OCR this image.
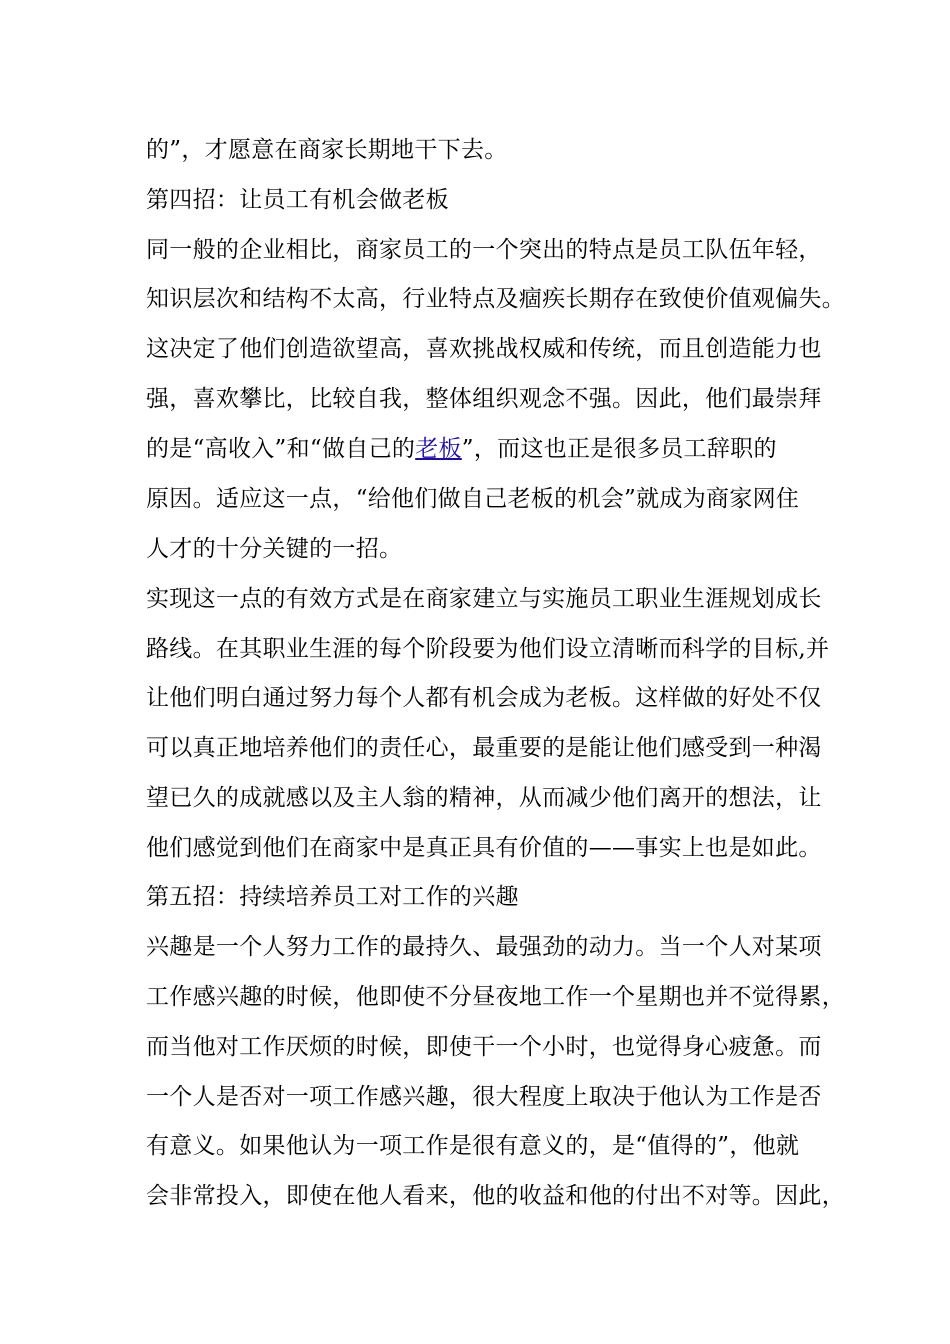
的”，才愿意在商家长期地干下去。
第四招：让员工有机会做老板
同一般的企业相比，商家员工的一个突出的特点是员工队伍年轻，
知识层次和结构不太高，行业特点及痼疾长期存在致使价值观偏失。
这决定了他们创造欲望高，喜欢挑战权威和传统，而且创造能力也
强，喜欢攀比，比较自我，整体组织观念不强。因此，他们最崇拜
的是“高收入”和“做自己的老板”，而这也正是很多员工辞职的
原因。适应这一点，“给他们做自己老板的机会”就成为商家网住
人才的十分关键的一招。
实现这一点的有效方式是在商家建立与实施员工职业生涯规划成长
路线。在其职业生涯的每个阶段要为他们设立清晰而科学的目标,并
让他们明白通过努力每个人都有机会成为老板。这样做的好处不仅
可以真正地培养他们的责任心，最重要的是能让他们感受到一种渴
望已久的成就感以及主人翁的精神，从而减少他们离开的想法，让
他们感觉到他们在商家中是真正具有价值的——事实上也是如此。
第五招：持续培养员工对工作的兴趣
兴趣是一个人努力工作的最持久、最强劲的动力。当一个人对某项
工作感兴趣的时候，他即使不分昼夜地工作一个星期也并不觉得累，
而当他对工作厌烦的时候，即使干一个小时，也觉得身心疲惫。而
一个人是否对一项工作感兴趣，很大程度上取决于他认为工作是否
有意义。如果他认为一项工作是很有意义的，是“值得的”，他就
会非常投入，即使在他人看来，他的收益和他的付出不对等。因此，
